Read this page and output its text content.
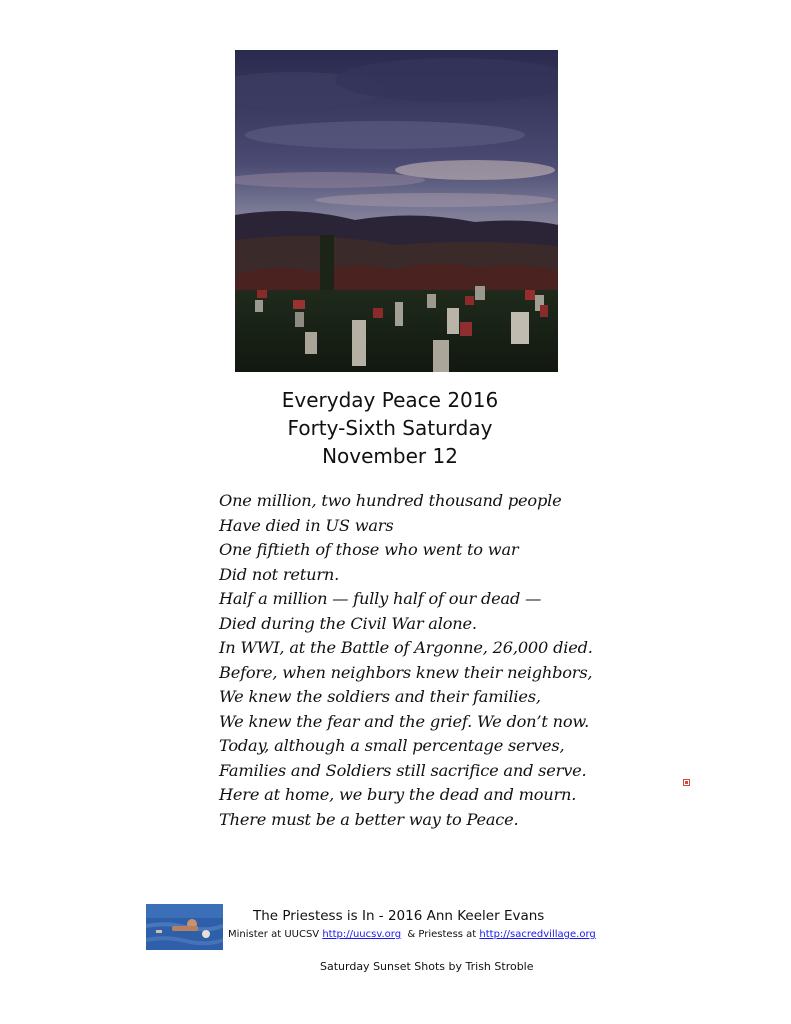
Everyday Peace 2016
Forty-Sixth Saturday
November 12
One million, two hundred thousand people
Have died in US wars
One fiftieth of those who went to war
Did not return.
Half a million — fully half of our dead —
Died during the Civil War alone.
In WWI, at the Battle of Argonne, 26,000 died.
Before, when neighbors knew their neighbors,
We knew the soldiers and their families,
We knew the fear and the grief. We don’t now.
Today, although a small percentage serves,
Families and Soldiers still sacrifice and serve.
Here at home, we bury the dead and mourn.
There must be a better way to Peace.
The Priestess is In - 2016 Ann Keeler Evans
Minister at UUCSV http://uucsv.org  & Priestess at http://sacredvillage.org
Saturday Sunset Shots by Trish Stroble
